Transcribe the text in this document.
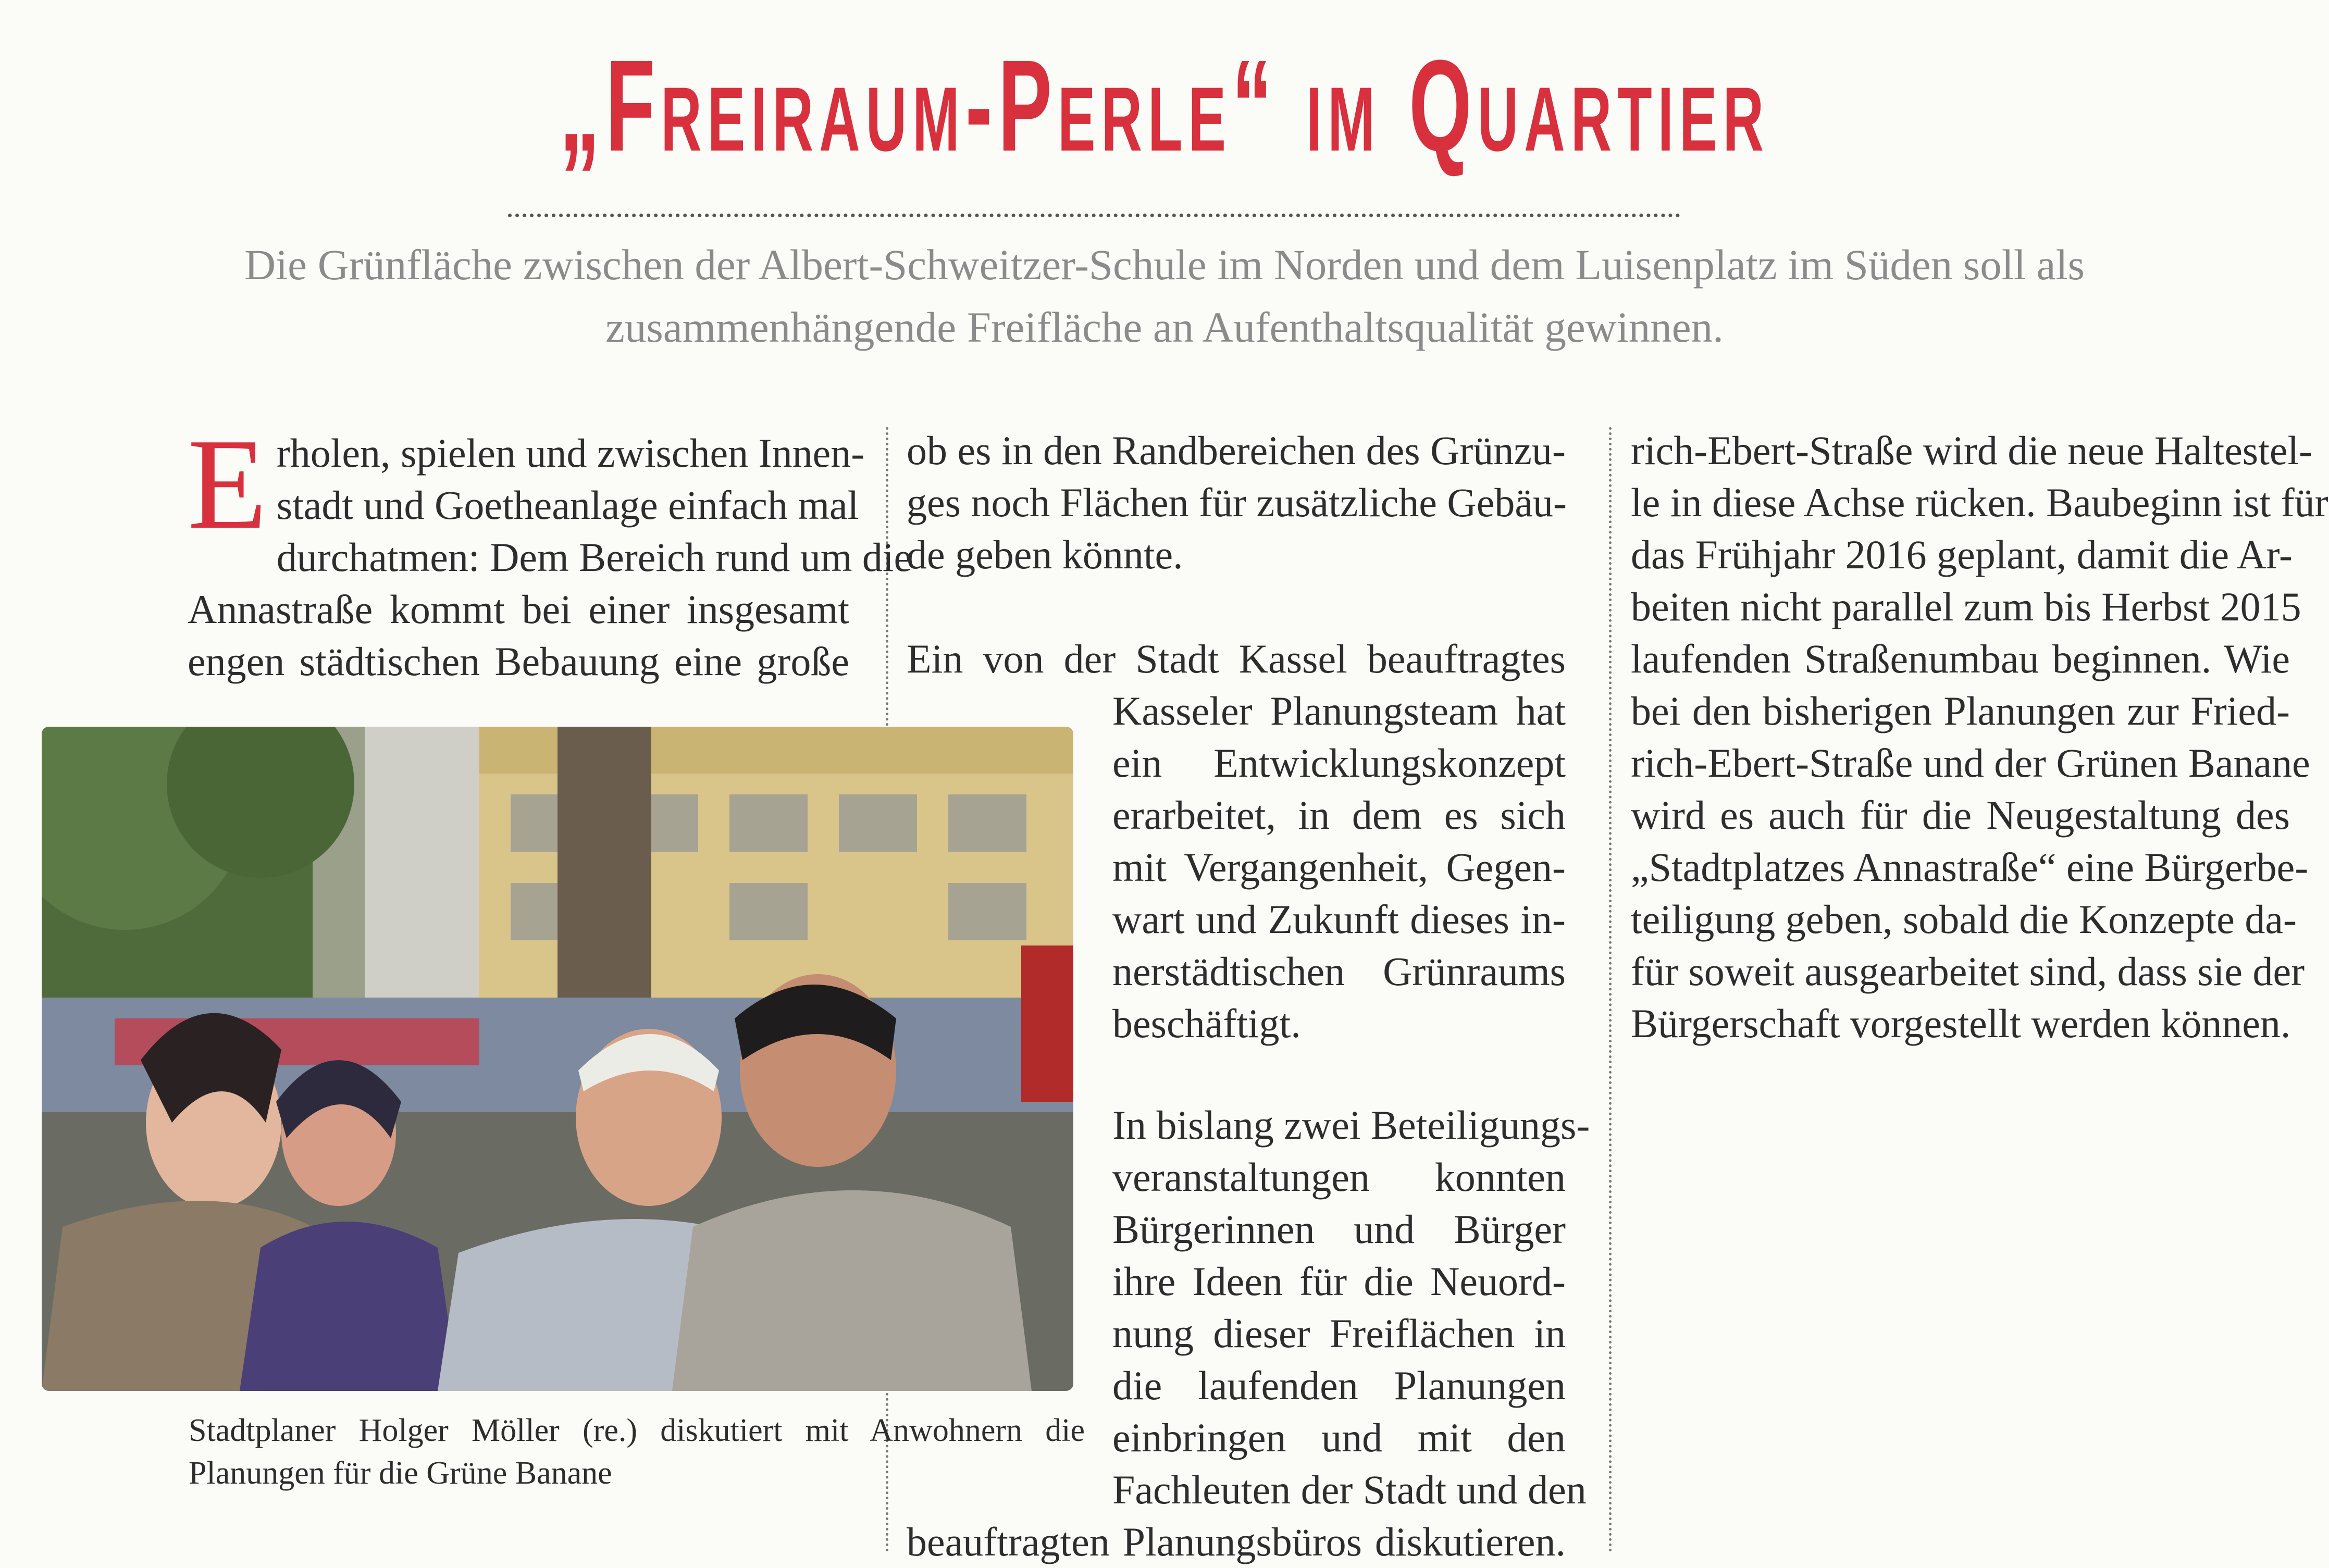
„Freiraum-Perle“ im Quartier
Die Grünfläche zwischen der Albert-Schweitzer-Schule im Norden und dem Luisenplatz im Süden soll als zusammenhängende Freifläche an Aufenthaltsqualität gewinnen.
E rholen, spielen und zwischen Innen-
stadt und Goetheanlage einfach mal
durchatmen: Dem Bereich rund um die
Annastraße kommt bei einer insgesamt
engen städtischen Bebauung eine große
Stadtplaner Holger Möller (re.) diskutiert mit Anwohnern die Planungen für die Grüne Banane
ob es in den Randbereichen des Grünzu-
ges noch Flächen für zusätzliche Gebäu-
de geben könnte.
Ein von der Stadt Kassel beauftragtes
Kasseler Planungsteam hat
ein Entwicklungskonzept
erarbeitet, in dem es sich
mit Vergangenheit, Gegen-
wart und Zukunft dieses in-
nerstädtischen Grünraums
beschäftigt.
In bislang zwei Beteiligungs-
veranstaltungen konnten
Bürgerinnen und Bürger
ihre Ideen für die Neuord-
nung dieser Freiflächen in
die laufenden Planungen
einbringen und mit den
Fachleuten der Stadt und den
beauftragten Planungsbüros diskutieren.
rich-Ebert-Straße wird die neue Haltestel-
le in diese Achse rücken. Baubeginn ist für
das Frühjahr 2016 geplant, damit die Ar-
beiten nicht parallel zum bis Herbst 2015
laufenden Straßenumbau beginnen. Wie
bei den bisherigen Planungen zur Fried-
rich-Ebert-Straße und der Grünen Banane
wird es auch für die Neugestaltung des
„Stadtplatzes Annastraße“ eine Bürgerbe-
teiligung geben, sobald die Konzepte da-
für soweit ausgearbeitet sind, dass sie der
Bürgerschaft vorgestellt werden können.
